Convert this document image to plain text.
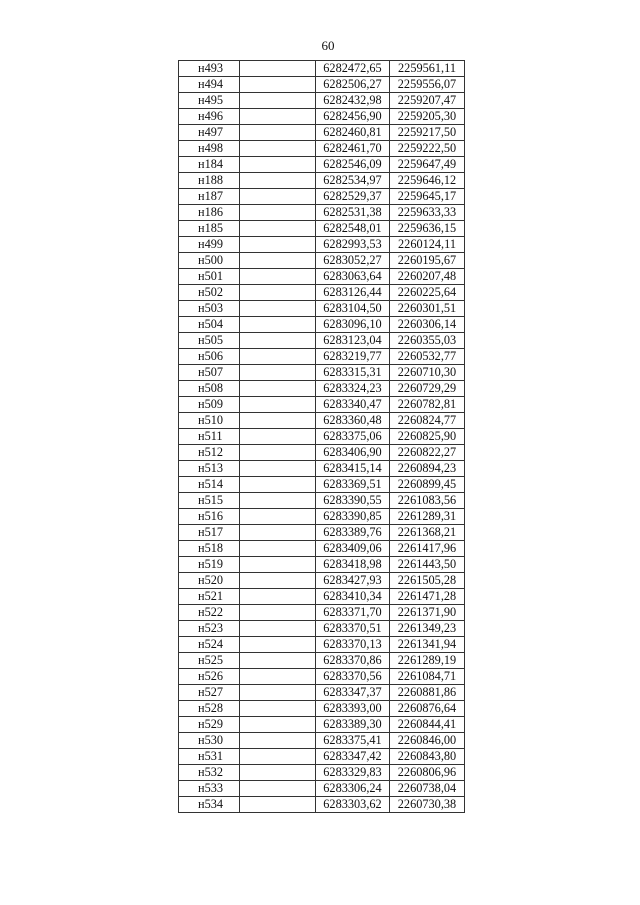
60
н493		6282472,65	2259561,11
н494		6282506,27	2259556,07
н495		6282432,98	2259207,47
н496		6282456,90	2259205,30
н497		6282460,81	2259217,50
н498		6282461,70	2259222,50
н184		6282546,09	2259647,49
н188		6282534,97	2259646,12
н187		6282529,37	2259645,17
н186		6282531,38	2259633,33
н185		6282548,01	2259636,15
н499		6282993,53	2260124,11
н500		6283052,27	2260195,67
н501		6283063,64	2260207,48
н502		6283126,44	2260225,64
н503		6283104,50	2260301,51
н504		6283096,10	2260306,14
н505		6283123,04	2260355,03
н506		6283219,77	2260532,77
н507		6283315,31	2260710,30
н508		6283324,23	2260729,29
н509		6283340,47	2260782,81
н510		6283360,48	2260824,77
н511		6283375,06	2260825,90
н512		6283406,90	2260822,27
н513		6283415,14	2260894,23
н514		6283369,51	2260899,45
н515		6283390,55	2261083,56
н516		6283390,85	2261289,31
н517		6283389,76	2261368,21
н518		6283409,06	2261417,96
н519		6283418,98	2261443,50
н520		6283427,93	2261505,28
н521		6283410,34	2261471,28
н522		6283371,70	2261371,90
н523		6283370,51	2261349,23
н524		6283370,13	2261341,94
н525		6283370,86	2261289,19
н526		6283370,56	2261084,71
н527		6283347,37	2260881,86
н528		6283393,00	2260876,64
н529		6283389,30	2260844,41
н530		6283375,41	2260846,00
н531		6283347,42	2260843,80
н532		6283329,83	2260806,96
н533		6283306,24	2260738,04
н534		6283303,62	2260730,38
